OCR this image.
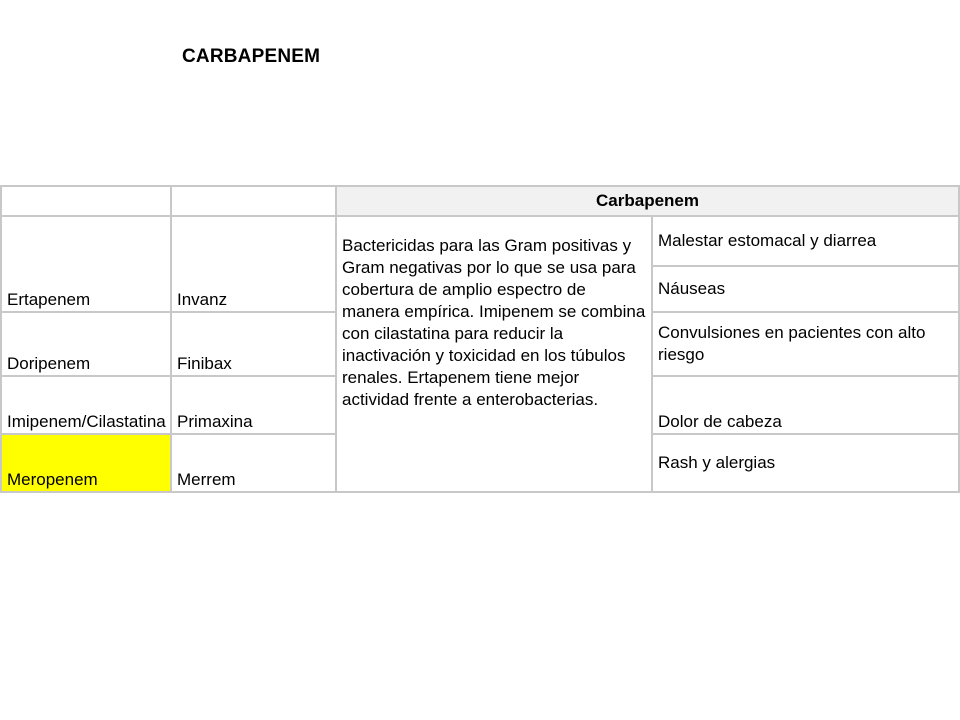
CARBAPENEM
		Carbapenem	
Ertapenem	Invanz	Bactericidas para las Gram positivas y Gram negativas por lo que se usa para cobertura de amplio espectro de manera empírica. Imipenem se combina con cilastatina para reducir la inactivación y toxicidad en los túbulos renales. Ertapenem tiene mejor actividad frente a enterobacterias.	Malestar estomacal y diarrea
			Náuseas
Doripenem	Finibax		Convulsiones en pacientes con alto riesgo
Imipenem/Cilastatina	Primaxina		Dolor de cabeza
Meropenem	Merrem		Rash y alergias
